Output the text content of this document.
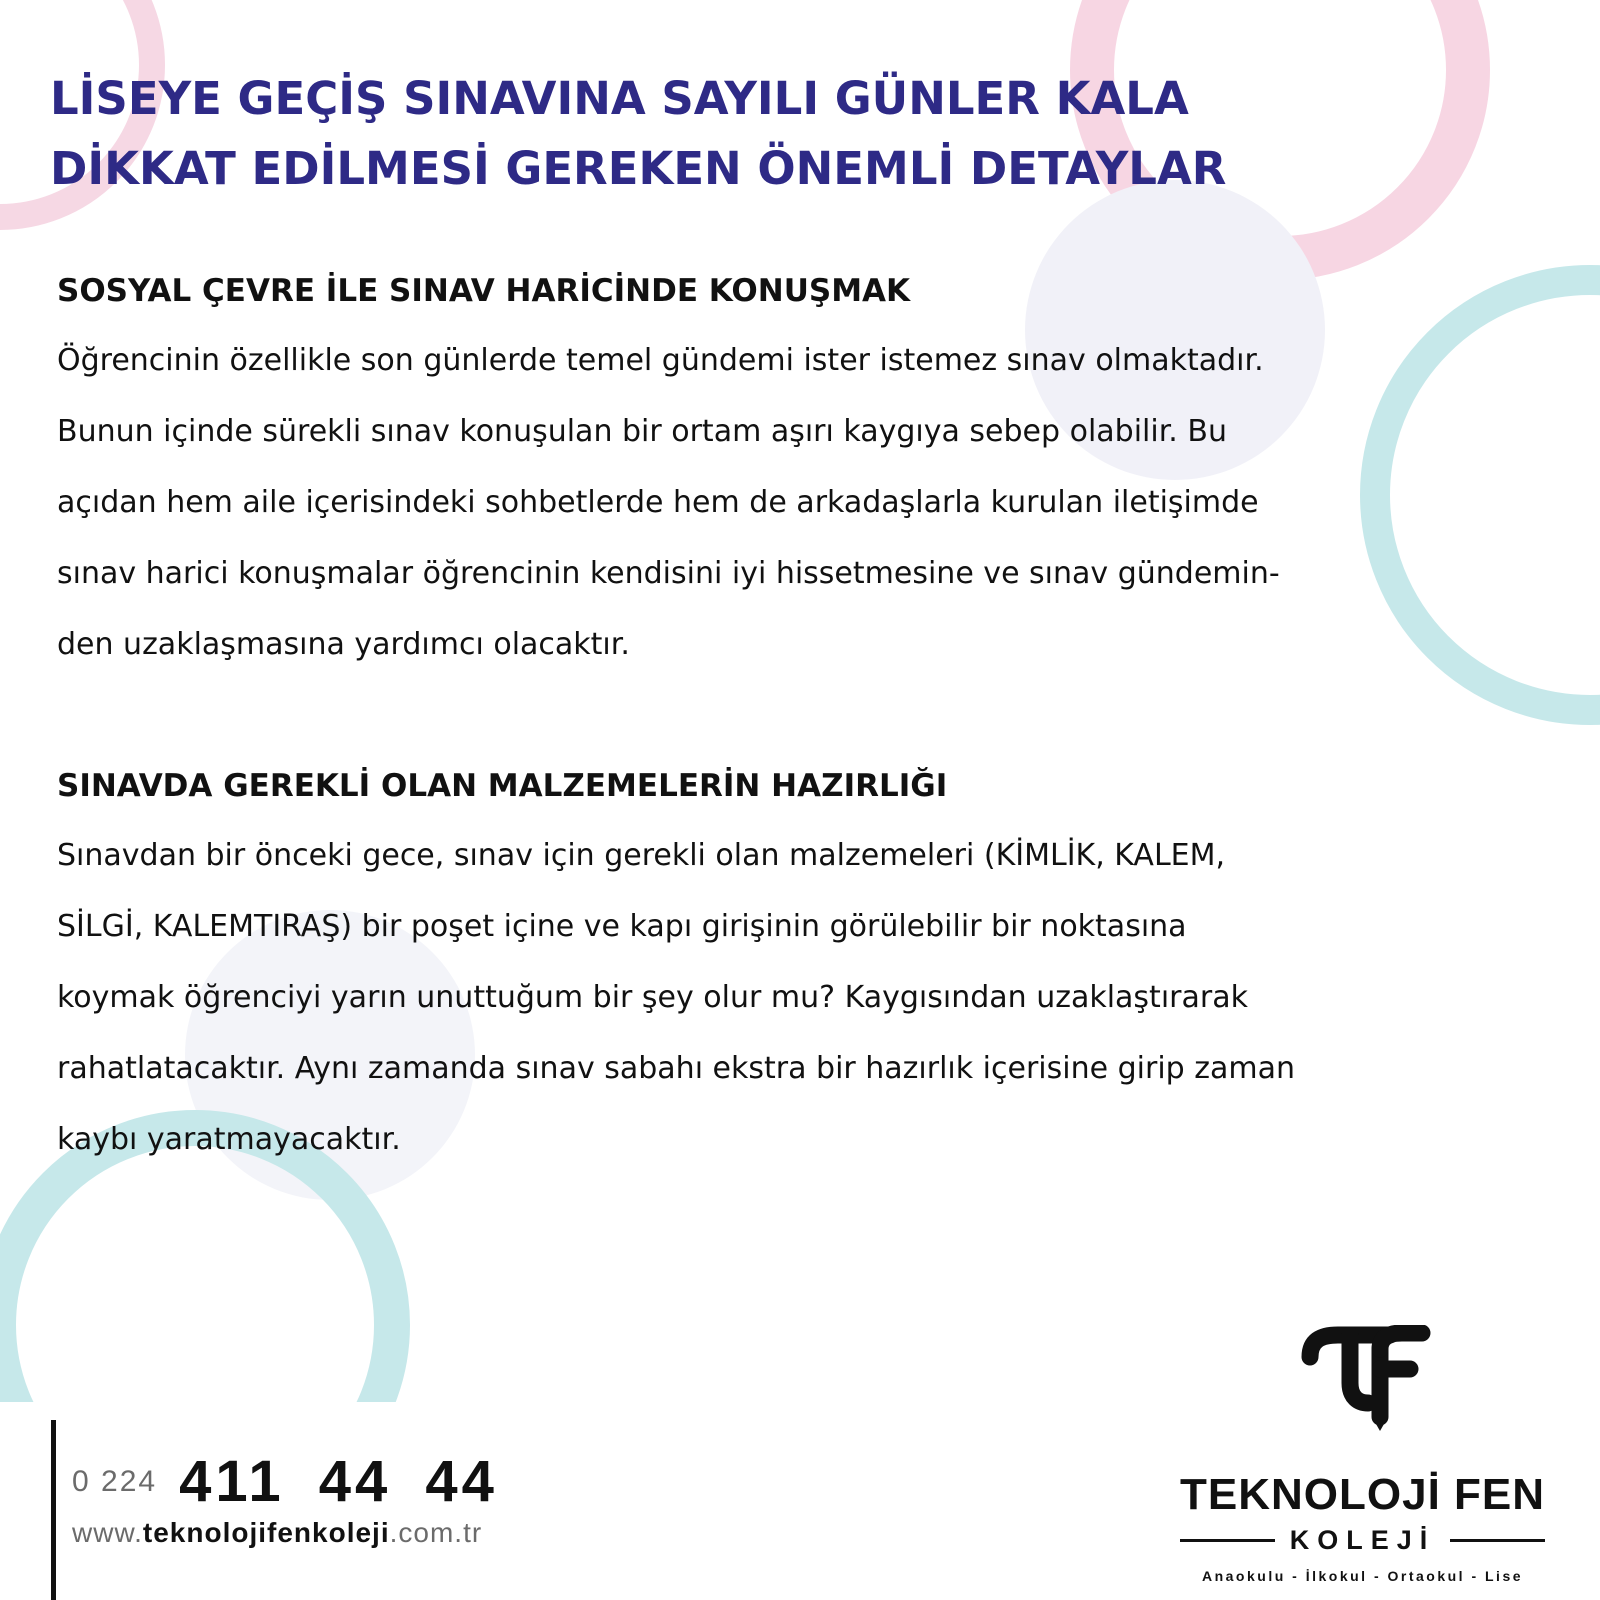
LİSEYE GEÇİŞ SINAVINA SAYILI GÜNLER KALA
DİKKAT EDİLMESİ GEREKEN ÖNEMLİ DETAYLAR
SOSYAL ÇEVRE İLE SINAV HARİCİNDE KONUŞMAK

Öğrencinin özellikle son günlerde temel gündemi ister istemez sınav olmaktadır.
Bunun içinde sürekli sınav konuşulan bir ortam aşırı kaygıya sebep olabilir. Bu
açıdan hem aile içerisindeki sohbetlerde hem de arkadaşlarla kurulan iletişimde
sınav harici konuşmalar öğrencinin kendisini iyi hissetmesine ve sınav gündemin-
den uzaklaşmasına yardımcı olacaktır.

SINAVDA GEREKLİ OLAN MALZEMELERİN HAZIRLIĞI

Sınavdan bir önceki gece, sınav için gerekli olan malzemeleri (KİMLİK, KALEM,
SİLGİ, KALEMTIRAŞ) bir poşet içine ve kapı girişinin görülebilir bir noktasına
koymak öğrenciyi yarın unuttuğum bir şey olur mu? Kaygısından uzaklaştırarak
rahatlatacaktır. Aynı zamanda sınav sabahı ekstra bir hazırlık içerisine girip zaman
kaybı yaratmayacaktır.

0 224 411 44 44
www.teknolojifenkoleji.com.tr
TEKNOLOJİ FEN
KOLEJİ
Anaokulu - İlkokul - Ortaokul - Lise
